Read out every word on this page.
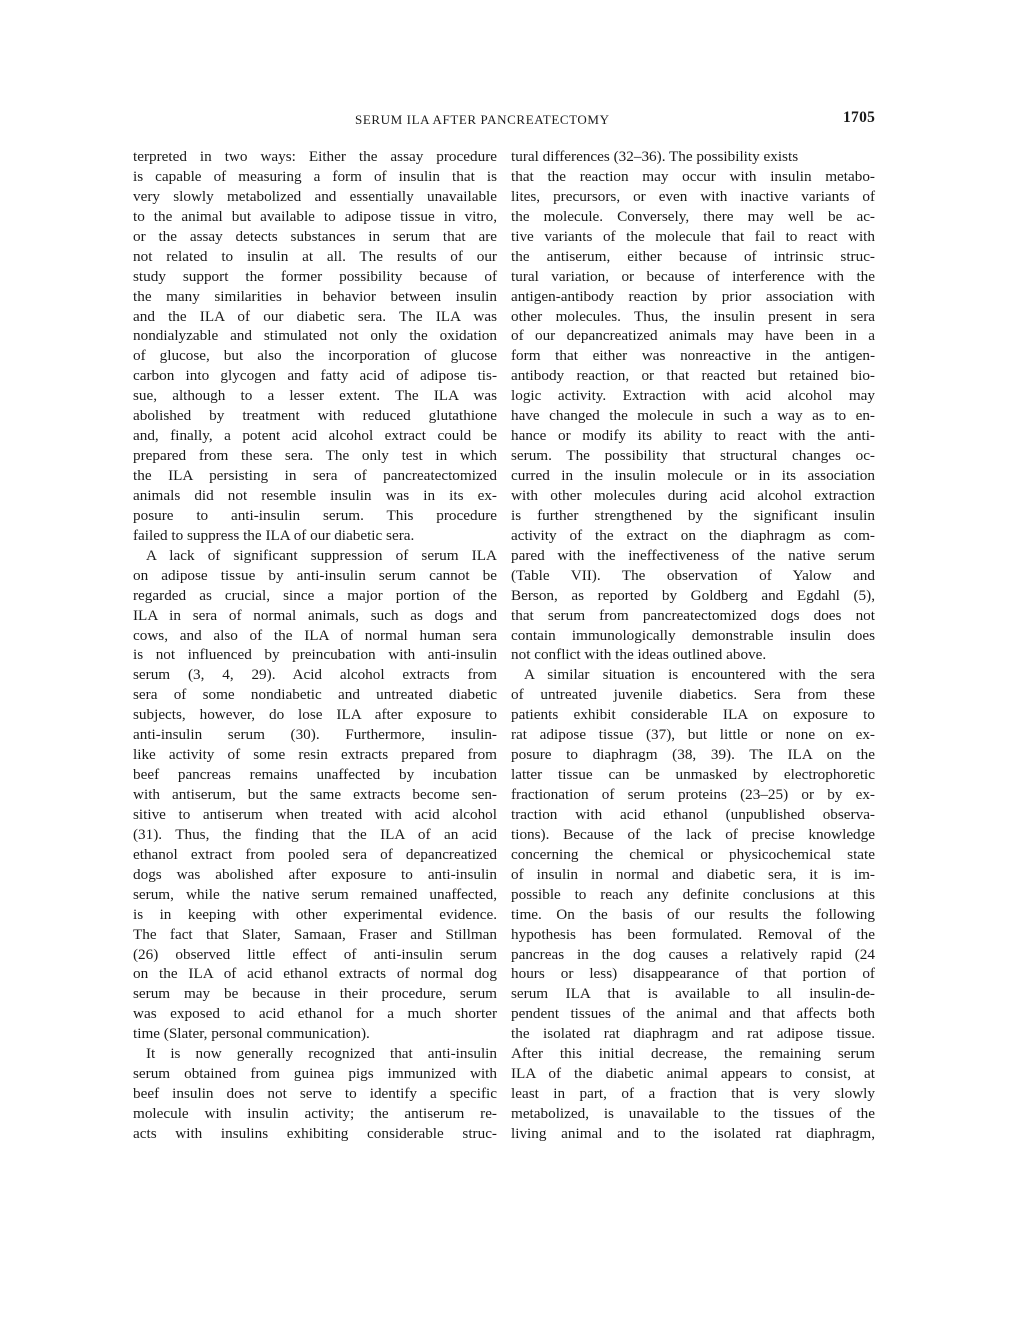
SERUM ILA AFTER PANCREATECTOMY	1705
terpreted in two ways: Either the assay procedure
is capable of measuring a form of insulin that is
very slowly metabolized and essentially unavailable
to the animal but available to adipose tissue in vitro,
or the assay detects substances in serum that are
not related to insulin at all. The results of our
study support the former possibility because of
the many similarities in behavior between insulin
and the ILA of our diabetic sera. The ILA was
nondialyzable and stimulated not only the oxidation
of glucose, but also the incorporation of glucose
carbon into glycogen and fatty acid of adipose tis-
sue, although to a lesser extent. The ILA was
abolished by treatment with reduced glutathione
and, finally, a potent acid alcohol extract could be
prepared from these sera. The only test in which
the ILA persisting in sera of pancreatectomized
animals did not resemble insulin was in its ex-
posure to anti-insulin serum. This procedure
failed to suppress the ILA of our diabetic sera.
A lack of significant suppression of serum ILA
on adipose tissue by anti-insulin serum cannot be
regarded as crucial, since a major portion of the
ILA in sera of normal animals, such as dogs and
cows, and also of the ILA of normal human sera
is not influenced by preincubation with anti-insulin
serum (3, 4, 29). Acid alcohol extracts from
sera of some nondiabetic and untreated diabetic
subjects, however, do lose ILA after exposure to
anti-insulin serum (30). Furthermore, insulin-
like activity of some resin extracts prepared from
beef pancreas remains unaffected by incubation
with antiserum, but the same extracts become sen-
sitive to antiserum when treated with acid alcohol
(31). Thus, the finding that the ILA of an acid
ethanol extract from pooled sera of depancreatized
dogs was abolished after exposure to anti-insulin
serum, while the native serum remained unaffected,
is in keeping with other experimental evidence.
The fact that Slater, Samaan, Fraser and Stillman
(26) observed little effect of anti-insulin serum
on the ILA of acid ethanol extracts of normal dog
serum may be because in their procedure, serum
was exposed to acid ethanol for a much shorter
time (Slater, personal communication).
It is now generally recognized that anti-insulin
serum obtained from guinea pigs immunized with
beef insulin does not serve to identify a specific
molecule with insulin activity; the antiserum re-
acts with insulins exhibiting considerable struc-
tural differences (32–36). The possibility exists
that the reaction may occur with insulin metabo-
lites, precursors, or even with inactive variants of
the molecule. Conversely, there may well be ac-
tive variants of the molecule that fail to react with
the antiserum, either because of intrinsic struc-
tural variation, or because of interference with the
antigen-antibody reaction by prior association with
other molecules. Thus, the insulin present in sera
of our depancreatized animals may have been in a
form that either was nonreactive in the antigen-
antibody reaction, or that reacted but retained bio-
logic activity. Extraction with acid alcohol may
have changed the molecule in such a way as to en-
hance or modify its ability to react with the anti-
serum. The possibility that structural changes oc-
curred in the insulin molecule or in its association
with other molecules during acid alcohol extraction
is further strengthened by the significant insulin
activity of the extract on the diaphragm as com-
pared with the ineffectiveness of the native serum
(Table VII). The observation of Yalow and
Berson, as reported by Goldberg and Egdahl (5),
that serum from pancreatectomized dogs does not
contain immunologically demonstrable insulin does
not conflict with the ideas outlined above.
A similar situation is encountered with the sera
of untreated juvenile diabetics. Sera from these
patients exhibit considerable ILA on exposure to
rat adipose tissue (37), but little or none on ex-
posure to diaphragm (38, 39). The ILA on the
latter tissue can be unmasked by electrophoretic
fractionation of serum proteins (23–25) or by ex-
traction with acid ethanol (unpublished observa-
tions). Because of the lack of precise knowledge
concerning the chemical or physicochemical state
of insulin in normal and diabetic sera, it is im-
possible to reach any definite conclusions at this
time. On the basis of our results the following
hypothesis has been formulated. Removal of the
pancreas in the dog causes a relatively rapid (24
hours or less) disappearance of that portion of
serum ILA that is available to all insulin-de-
pendent tissues of the animal and that affects both
the isolated rat diaphragm and rat adipose tissue.
After this initial decrease, the remaining serum
ILA of the diabetic animal appears to consist, at
least in part, of a fraction that is very slowly
metabolized, is unavailable to the tissues of the
living animal and to the isolated rat diaphragm,
